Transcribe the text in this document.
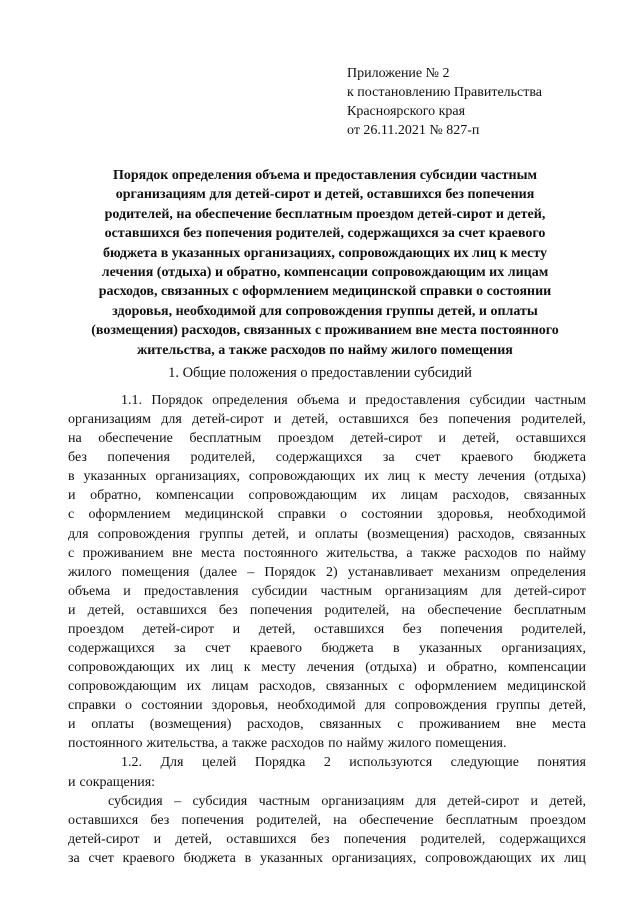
Приложение № 2
к постановлению Правительства
Красноярского края
от 26.11.2021 № 827-п
Порядок определения объема и предоставления субсидии частным
организациям для детей-сирот и детей, оставшихся без попечения
родителей, на обеспечение бесплатным проездом детей-сирот и детей,
оставшихся без попечения родителей, содержащихся за счет краевого
бюджета в указанных организациях, сопровождающих их лиц к месту
лечения (отдыха) и обратно, компенсации сопровождающим их лицам
расходов, связанных с оформлением медицинской справки о состоянии
здоровья, необходимой для сопровождения группы детей, и оплаты
(возмещения) расходов, связанных с проживанием вне места постоянного
жительства, а также расходов по найму жилого помещения
1. Общие положения о предоставлении субсидий
1.1. Порядок определения объема и предоставления субсидии частным
организациям для детей-сирот и детей, оставшихся без попечения родителей,
на обеспечение бесплатным проездом детей-сирот и детей, оставшихся
без попечения родителей, содержащихся за счет краевого бюджета
в указанных организациях, сопровождающих их лиц к месту лечения (отдыха)
и обратно, компенсации сопровождающим их лицам расходов, связанных
с оформлением медицинской справки о состоянии здоровья, необходимой
для сопровождения группы детей, и оплаты (возмещения) расходов, связанных
с проживанием вне места постоянного жительства, а также расходов по найму
жилого помещения (далее – Порядок 2) устанавливает механизм определения
объема и предоставления субсидии частным организациям для детей-сирот
и детей, оставшихся без попечения родителей, на обеспечение бесплатным
проездом детей-сирот и детей, оставшихся без попечения родителей,
содержащихся за счет краевого бюджета в указанных организациях,
сопровождающих их лиц к месту лечения (отдыха) и обратно, компенсации
сопровождающим их лицам расходов, связанных с оформлением медицинской
справки о состоянии здоровья, необходимой для сопровождения группы детей,
и оплаты (возмещения) расходов, связанных с проживанием вне места
постоянного жительства, а также расходов по найму жилого помещения.
1.2. Для целей Порядка 2 используются следующие понятия
и сокращения:
субсидия – субсидия частным организациям для детей-сирот и детей,
оставшихся без попечения родителей, на обеспечение бесплатным проездом
детей-сирот и детей, оставшихся без попечения родителей, содержащихся
за счет краевого бюджета в указанных организациях, сопровождающих их лиц
